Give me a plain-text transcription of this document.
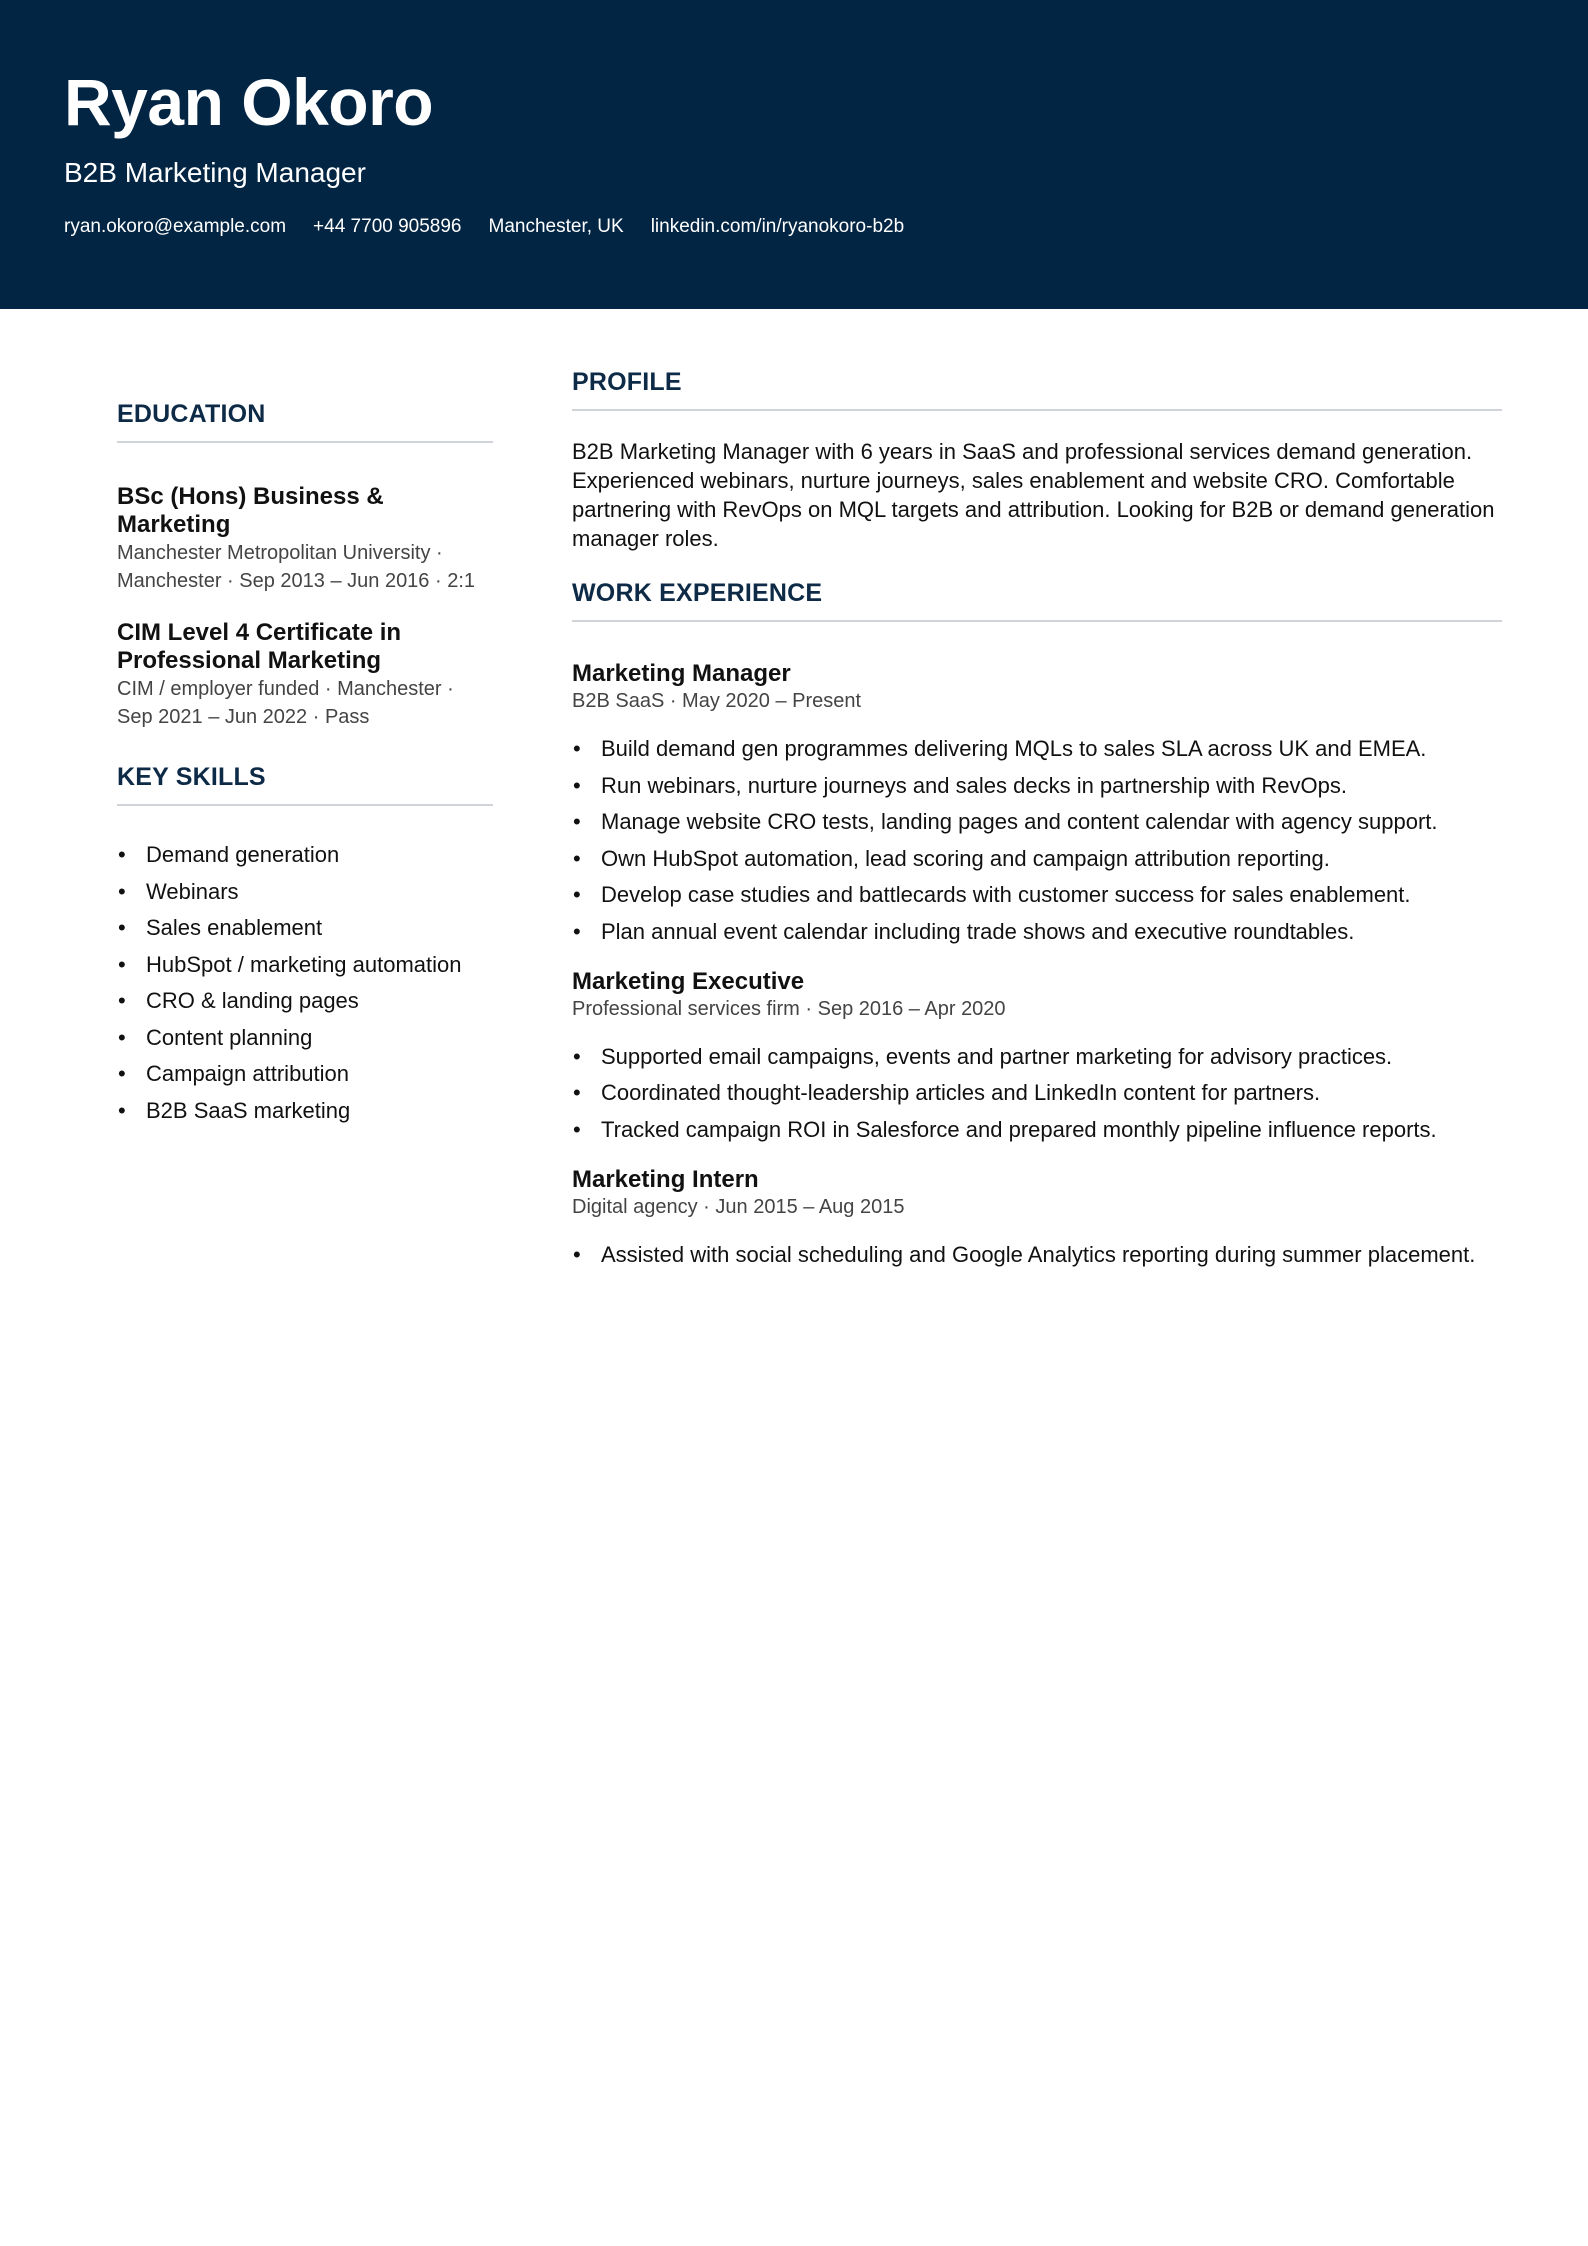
Ryan Okoro
B2B Marketing Manager
ryan.okoro@example.com +44 7700 905896 Manchester, UK linkedin.com/in/ryanokoro-b2b
EDUCATION
BSc (Hons) Business & Marketing
Manchester Metropolitan University · Manchester · Sep 2013 – Jun 2016 · 2:1
CIM Level 4 Certificate in Professional Marketing
CIM / employer funded · Manchester · Sep 2021 – Jun 2022 · Pass
KEY SKILLS
• Demand generation
• Webinars
• Sales enablement
• HubSpot / marketing automation
• CRO & landing pages
• Content planning
• Campaign attribution
• B2B SaaS marketing
PROFILE

B2B Marketing Manager with 6 years in SaaS and professional services demand generation. Experienced webinars, nurture journeys, sales enablement and website CRO. Comfortable partnering with RevOps on MQL targets and attribution. Looking for B2B or demand generation manager roles.

WORK EXPERIENCE
Marketing Manager
B2B SaaS · May 2020 – Present
• Build demand gen programmes delivering MQLs to sales SLA across UK and EMEA.
• Run webinars, nurture journeys and sales decks in partnership with RevOps.
• Manage website CRO tests, landing pages and content calendar with agency support.
• Own HubSpot automation, lead scoring and campaign attribution reporting.
• Develop case studies and battlecards with customer success for sales enablement.
• Plan annual event calendar including trade shows and executive roundtables.
Marketing Executive
Professional services firm · Sep 2016 – Apr 2020
• Supported email campaigns, events and partner marketing for advisory practices.
• Coordinated thought-leadership articles and LinkedIn content for partners.
• Tracked campaign ROI in Salesforce and prepared monthly pipeline influence reports.
Marketing Intern
Digital agency · Jun 2015 – Aug 2015
• Assisted with social scheduling and Google Analytics reporting during summer placement.
